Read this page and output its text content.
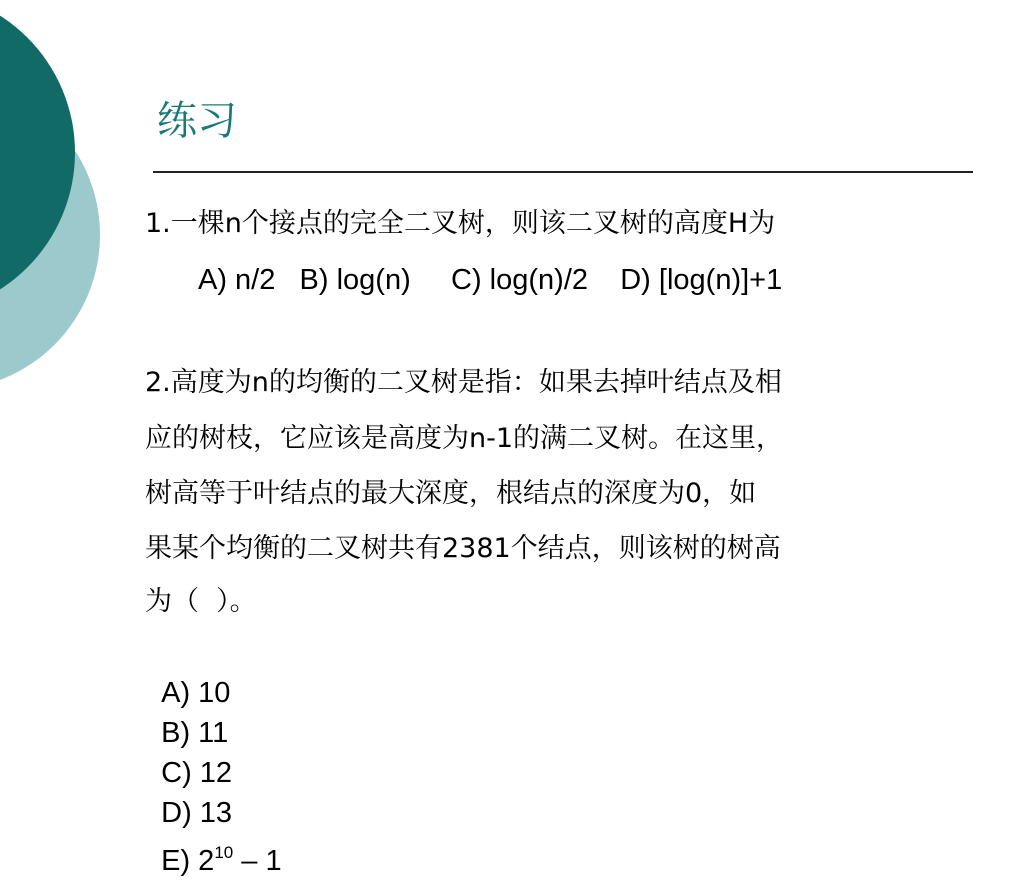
练习
1.一棵n个接点的完全二叉树，则该二叉树的高度H为
A) n/2   B) log(n)     C) log(n)/2    D) [log(n)]+1
2.高度为n的均衡的二叉树是指：如果去掉叶结点及相
应的树枝，它应该是高度为n-1的满二叉树。在这里，
树高等于叶结点的最大深度，根结点的深度为0，如
果某个均衡的二叉树共有2381个结点，则该树的树高
为（  ）。

A) 10
B) 11
C) 12
D) 13
E) 210 – 1
